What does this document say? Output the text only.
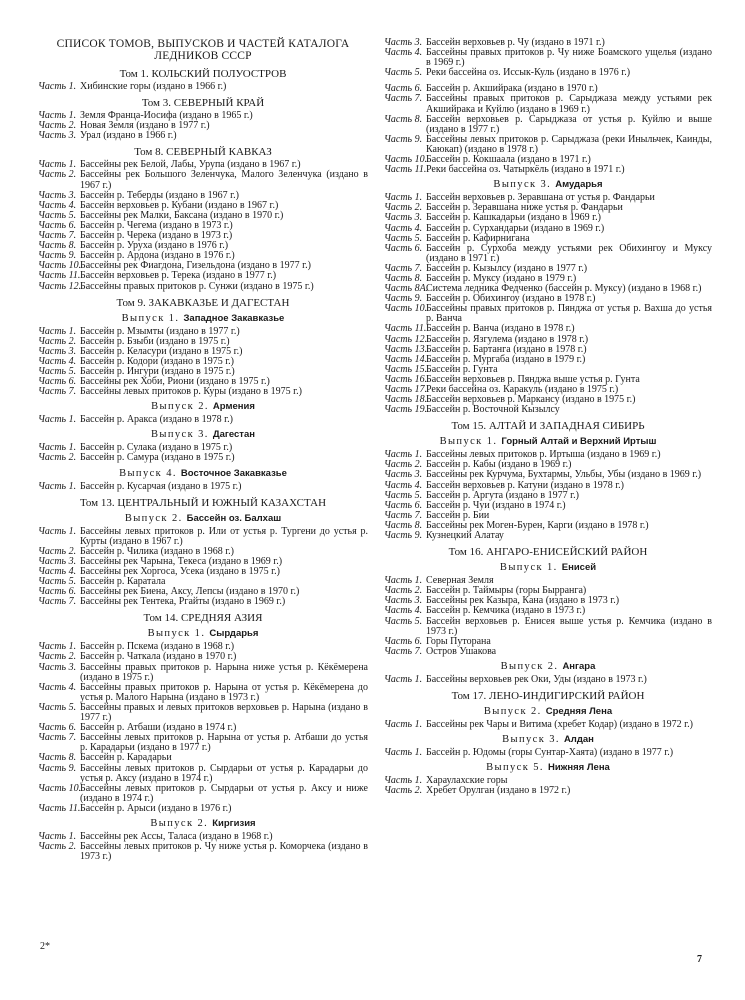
СПИСОК ТОМОВ, ВЫПУСКОВ И ЧАСТЕЙ КАТАЛОГА ЛЕДНИКОВ СССР
Том 1. КОЛЬСКИЙ ПОЛУОСТРОВ
Часть 1. Хибинские горы (издано в 1966 г.)
Том 3. СЕВЕРНЫЙ КРАЙ
Часть 1. Земля Франца-Иосифа (издано в 1965 г.)
Часть 2. Новая Земля (издано в 1977 г.)
Часть 3. Урал (издано в 1966 г.)
Том 8. СЕВЕРНЫЙ КАВКАЗ
Часть 1. Бассейны рек Белой, Лабы, Урупа (издано в 1967 г.)
Часть 2. Бассейны рек Большого Зеленчука, Малого Зеленчука (издано в 1967 г.)
Часть 3. Бассейн р. Теберды (издано в 1967 г.)
Часть 4. Бассейн верховьев р. Кубани (издано в 1967 г.)
Часть 5. Бассейны рек Малки, Баксана (издано в 1970 г.)
Часть 6. Бассейн р. Чегема (издано в 1973 г.)
Часть 7. Бассейн р. Черека (издано в 1973 г.)
Часть 8. Бассейн р. Уруха (издано в 1976 г.)
Часть 9. Бассейн р. Ардона (издано в 1976 г.)
Часть 10.
Бассейны рек Фиагдона, Гизельдона (издано в 1977 г.)
Часть 11. Бассейн верховьев р. Терека (издано в 1977 г.)
Часть 12.
Бассейны правых притоков р. Сунжи (издано в 1975 г.)
Том 9. ЗАКАВКАЗЬЕ И ДАГЕСТАН
Выпуск 1. Западное Закавказье
Часть 1. Бассейн р. Мзымты (издано в 1977 г.)
Часть 2. Бассейн р. Бзыби (издано в 1975 г.)
Часть 3. Бассейн р. Келасури (издано в 1975 г.)
Часть 4. Бассейн р. Кодори (издано в 1975 г.)
Часть 5. Бассейн р. Ингури (издано в 1975 г.)
Часть 6. Бассейны рек Хоби, Риони (издано в 1975 г.)
Часть 7. Бассейны левых притоков р. Куры (издано в 1975 г.)
Выпуск 2. Армения
Часть 1. Бассейн р. Аракса (издано в 1978 г.)
Выпуск 3. Дагестан
Часть 1. Бассейн р. Сулака (издано в 1975 г.)
Часть 2. Бассейн р. Самура (издано в 1975 г.)
Выпуск 4. Восточное Закавказье
Часть 1. Бассейн р. Кусарчая (издано в 1975 г.)
Том 13. ЦЕНТРАЛЬНЫЙ И ЮЖНЫЙ КАЗАХСТАН
Выпуск 2. Бассейн оз. Балхаш
Часть 1. Бассейны левых притоков р. Или от устья р. Тургени до устья р. Курты (издано в 1967 г.)
Часть 2. Бассейн р. Чилика (издано в 1968 г.)
Часть 3. Бассейны рек Чарына, Текеса (издано в 1969 г.)
Часть 4. Бассейны рек Хоргоса, Усека (издано в 1975 г.)
Часть 5. Бассейн р. Каратала
Часть 6. Бассейны рек Биена, Аксу, Лепсы (издано в 1970 г.)
Часть 7. Бассейны рек Тентека, Ргайты (издано в 1969 г.)
Том 14. СРЕДНЯЯ АЗИЯ
Выпуск 1. Сырдарья
Часть 1. Бассейн р. Пскема (издано в 1968 г.)
Часть 2. Бассейн р. Чаткала (издано в 1970 г.)
Часть 3. Бассейны правых притоков р. Нарына ниже устья р. Кёкёмерена (издано в 1975 г.)
Часть 4. Бассейны правых притоков р. Нарына от устья р. Кёкёмерена до устья р. Малого Нарына (издано в 1973 г.)
Часть 5. Бассейны правых и левых притоков верховьев р. Нарына (издано в 1977 г.)
Часть 6. Бассейн р. Атбаши (издано в 1974 г.)
Часть 7. Бассейны левых притоков р. Нарына от устья р. Атбаши до устья р. Карадарьи (издано в 1977 г.)
Часть 8. Бассейн р. Карадарьи
Часть 9. Бассейны левых притоков р. Сырдарьи от устья р. Карадарьи до устья р. Аксу (издано в 1974 г.)
Часть 10.
Бассейны левых притоков р. Сырдарьи от устья р. Аксу и ниже (издано в 1974 г.)
Часть 11. Бассейн р. Арыси (издано в 1976 г.)
Выпуск 2. Киргизия
Часть 1. Бассейны рек Ассы, Таласа (издано в 1968 г.)
Часть 2. Бассейны левых притоков р. Чу ниже устья р. Коморчека (издано в 1973 г.)
Часть 3. Бассейн верховьев р. Чу (издано в 1971 г.)
Часть 4. Бассейны правых притоков р. Чу ниже Боамского ущелья (издано в 1969 г.)
Часть 5. Реки бассейна оз. Иссык-Куль (издано в 1976 г.)
Часть 6. Бассейн р. Акшийрака (издано в 1970 г.)
Часть 7. Бассейны правых притоков р. Сарыджаза между устьями рек Акшийрака и Куйлю (издано в 1969 г.)
Часть 8. Бассейн верховьев р. Сарыджаза от устья р. Куйлю и выше (издано в 1977 г.)
Часть 9. Бассейны левых притоков р. Сарыджаза (реки Иныльчек, Каинды, Каюкап) (издано в 1978 г.)
Часть 10.
Бассейн р. Кокшаала (издано в 1971 г.)
Часть 11. Реки бассейна оз. Чатыркёль (издано в 1971 г.)
Выпуск 3. Амударья
Часть 1. Бассейн верховьев р. Зеравшана от устья р. Фандарьи
Часть 2. Бассейн р. Зеравшана ниже устья р. Фандарьи
Часть 3. Бассейн р. Кашкадарьи (издано в 1969 г.)
Часть 4. Бассейн р. Сурхандарьи (издано в 1969 г.)
Часть 5. Бассейн р. Кафирнигана
Часть 6. Бассейн р. Сурхоба между устьями рек Обихингоу и Муксу (издано в 1971 г.)
Часть 7. Бассейн р. Кызылсу (издано в 1977 г.)
Часть 8. Бассейн р. Муксу (издано в 1979 г.)
Часть 8А.
Система ледника Федченко (бассейн р. Муксу) (издано в 1968 г.)
Часть 9. Бассейн р. Обихингоу (издано в 1978 г.)
Часть 10.
Бассейны правых притоков р. Пянджа от устья р. Вахша до устья р. Ванча
Часть 11. Бассейн р. Ванча (издано в 1978 г.)
Часть 12.
Бассейн р. Язгулема (издано в 1978 г.)
Часть 13.
Бассейн р. Бартанга (издано в 1978 г.)
Часть 14.
Бассейн р. Мургаба (издано в 1979 г.)
Часть 15.
Бассейн р. Гунта
Часть 16.
Бассейн верховьев р. Пянджа выше устья р. Гунта
Часть 17.
Реки бассейна оз. Каракуль (издано в 1975 г.)
Часть 18.
Бассейн верховьев р. Маркансу (издано в 1975 г.)
Часть 19.
Бассейн р. Восточной Кызылсу
Том 15. АЛТАЙ И ЗАПАДНАЯ СИБИРЬ
Выпуск 1. Горный Алтай и Верхний Иртыш
Часть 1. Бассейны левых притоков р. Иртыша (издано в 1969 г.)
Часть 2. Бассейн р. Кабы (издано в 1969 г.)
Часть 3. Бассейны рек Курчума, Бухтармы, Ульбы, Убы (издано в 1969 г.)
Часть 4. Бассейн верховьев р. Катуни (издано в 1978 г.)
Часть 5. Бассейн р. Аргута (издано в 1977 г.)
Часть 6. Бассейн р. Чуи (издано в 1974 г.)
Часть 7. Бассейн р. Бии
Часть 8. Бассейны рек Моген-Бурен, Карги (издано в 1978 г.)
Часть 9. Кузнецкий Алатау
Том 16. АНГАРО-ЕНИСЕЙСКИЙ РАЙОН
Выпуск 1. Енисей
Часть 1. Северная Земля
Часть 2. Бассейн р. Таймыры (горы Бырранга)
Часть 3. Бассейны рек Казыра, Кана (издано в 1973 г.)
Часть 4. Бассейн р. Кемчика (издано в 1973 г.)
Часть 5. Бассейн верховьев р. Енисея выше устья р. Кемчика (издано в 1973 г.)
Часть 6. Горы Путорана
Часть 7. Остров Ушакова
Выпуск 2. Ангара
Часть 1. Бассейны верховьев рек Оки, Уды (издано в 1973 г.)
Том 17. ЛЕНО-ИНДИГИРСКИЙ РАЙОН
Выпуск 2. Средняя Лена
Часть 1. Бассейны рек Чары и Витима (хребет Кодар) (издано в 1972 г.)
Выпуск 3. Алдан
Часть 1. Бассейн р. Юдомы (горы Сунтар-Хаята) (издано в 1977 г.)
Выпуск 5. Нижняя Лена
Часть 1. Хараулахские горы
Часть 2. Хребет Орулган (издано в 1972 г.)
2*
7
